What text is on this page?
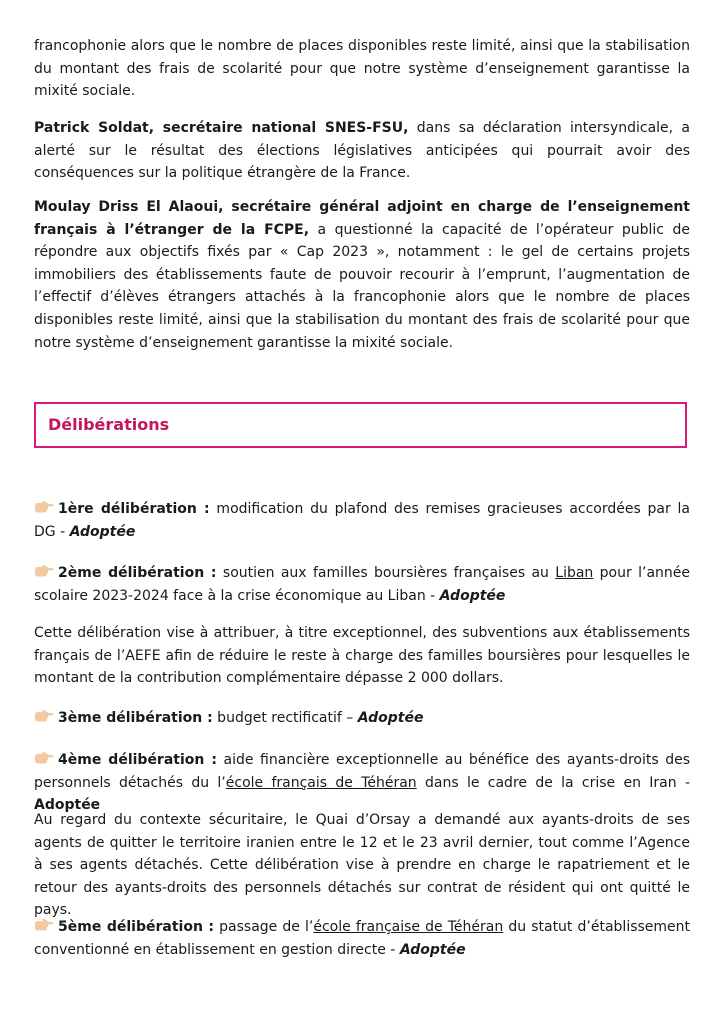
francophonie alors que le nombre de places disponibles reste limité, ainsi que la stabilisation du montant des frais de scolarité pour que notre système d’enseignement garantisse la mixité sociale.

Patrick Soldat, secrétaire national SNES-FSU, dans sa déclaration intersyndicale, a alerté sur le résultat des élections législatives anticipées qui pourrait avoir des conséquences sur la politique étrangère de la France.

Moulay Driss El Alaoui, secrétaire général adjoint en charge de l’enseignement français à l’étranger de la FCPE, a questionné la capacité de l’opérateur public de répondre aux objectifs fixés par « Cap 2023 », notamment : le gel de certains projets immobiliers des établissements faute de pouvoir recourir à l’emprunt, l’augmentation de l’effectif d’élèves étrangers attachés à la francophonie alors que le nombre de places disponibles reste limité, ainsi que la stabilisation du montant des frais de scolarité pour que notre système d’enseignement garantisse la mixité sociale.

Délibérations

1ère délibération : modification du plafond des remises gracieuses accordées par la DG - Adoptée

2ème délibération : soutien aux familles boursières françaises au Liban pour l’année scolaire 2023-2024 face à la crise économique au Liban - Adoptée

Cette délibération vise à attribuer, à titre exceptionnel, des subventions aux établissements français de l’AEFE afin de réduire le reste à charge des familles boursières pour lesquelles le montant de la contribution complémentaire dépasse 2 000 dollars.

3ème délibération : budget rectificatif – Adoptée

4ème délibération : aide financière exceptionnelle au bénéfice des ayants-droits des personnels détachés du l’école français de Téhéran dans le cadre de la crise en Iran - Adoptée

Au regard du contexte sécuritaire, le Quai d’Orsay a demandé aux ayants-droits de ses agents de quitter le territoire iranien entre le 12 et le 23 avril dernier, tout comme l’Agence à ses agents détachés. Cette délibération vise à prendre en charge le rapatriement et le retour des ayants-droits des personnels détachés sur contrat de résident qui ont quitté le pays.

5ème délibération : passage de l’école française de Téhéran du statut d’établissement conventionné en établissement en gestion directe - Adoptée
